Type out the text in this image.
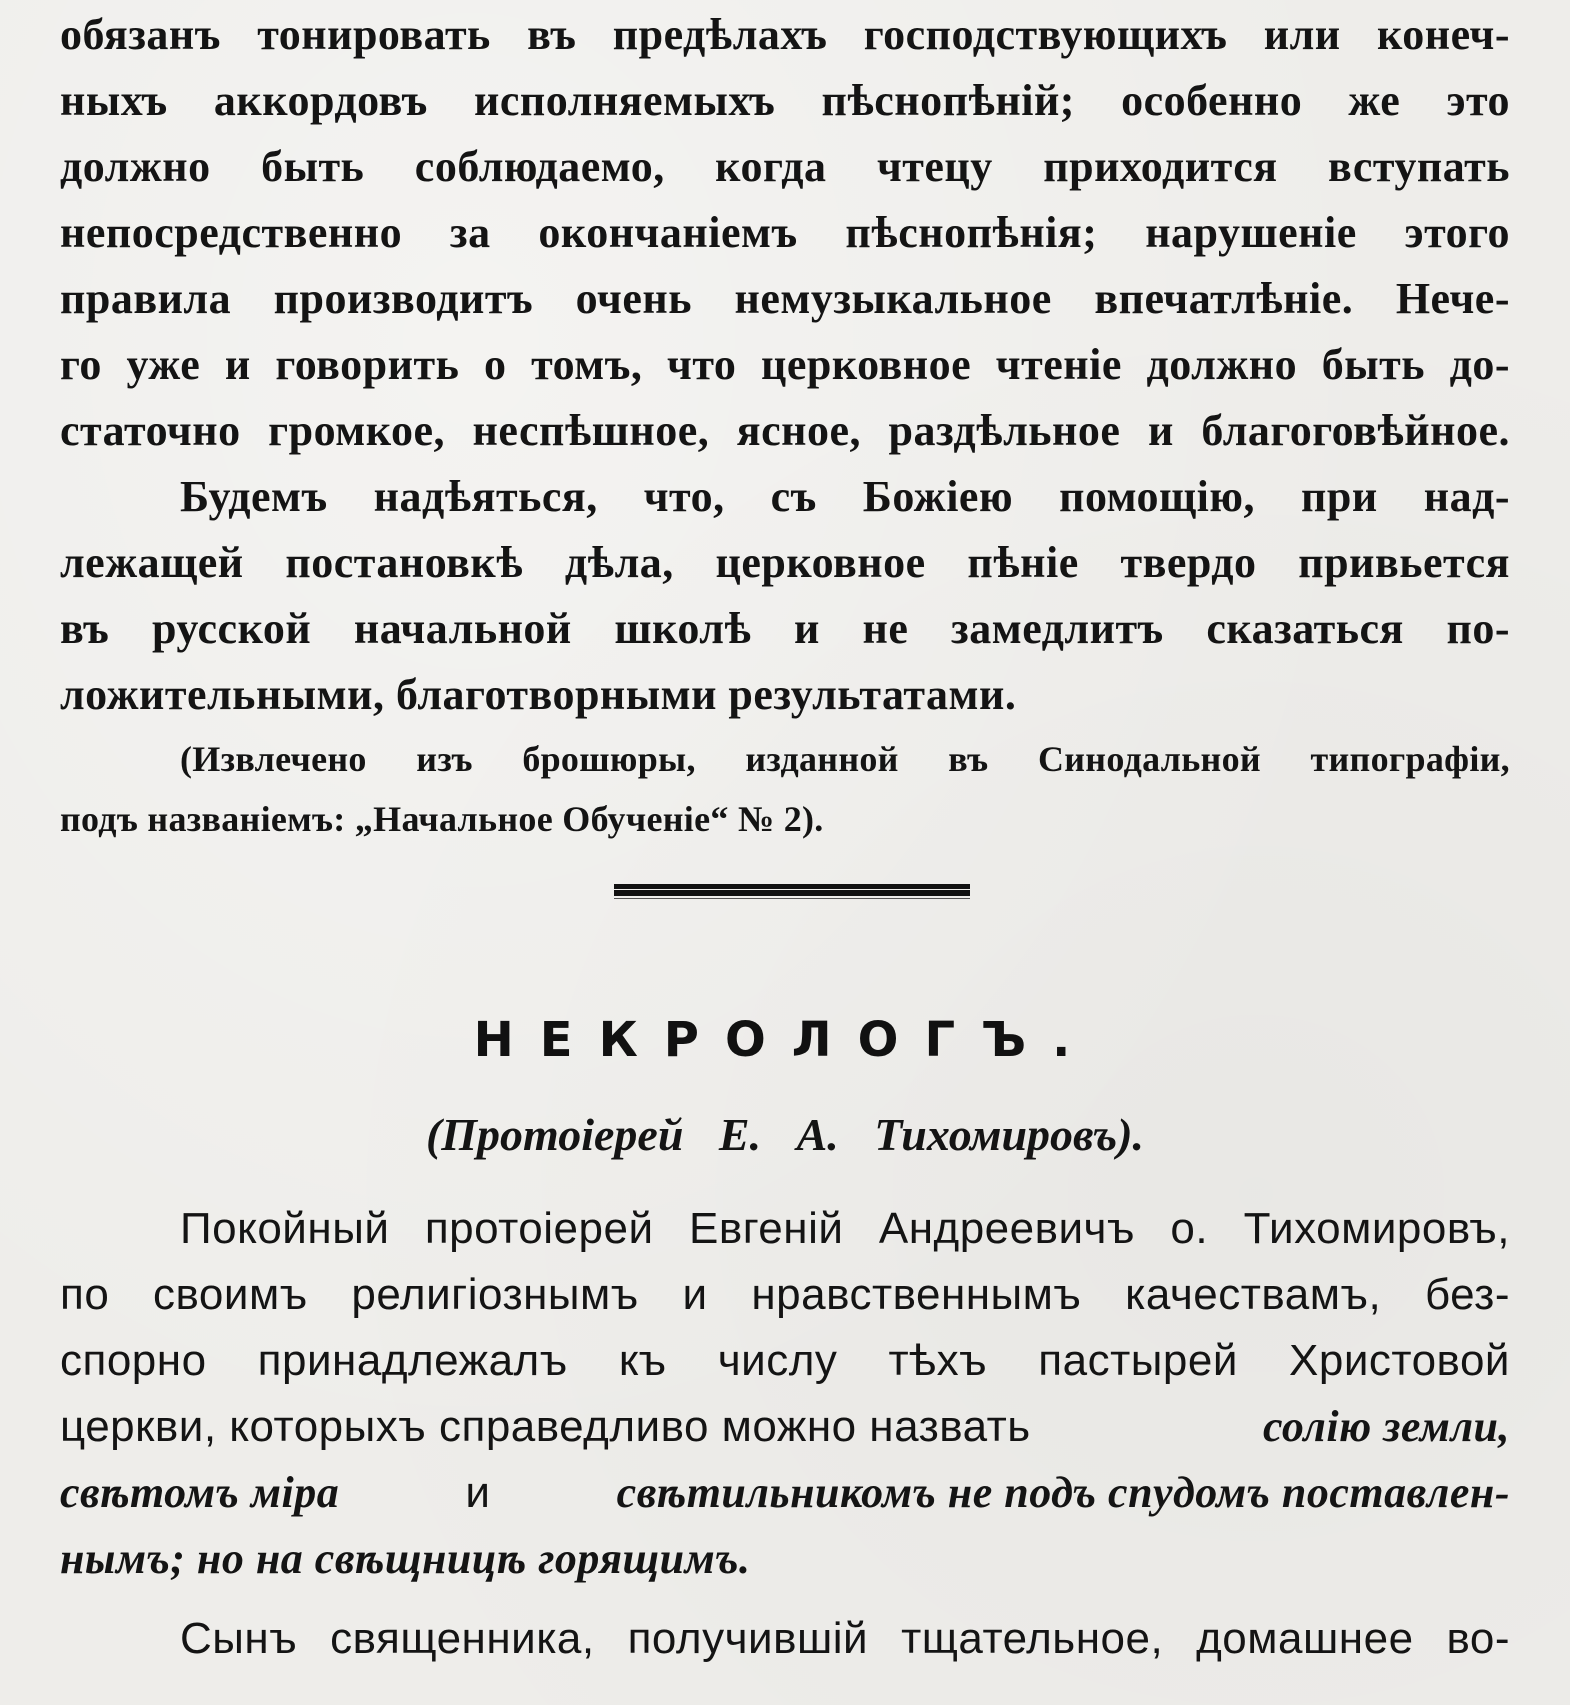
обязанъ тонировать въ предѣлахъ господствующихъ или конеч-
ныхъ аккордовъ исполняемыхъ пѣснопѣній; особенно же это
должно быть соблюдаемо, когда чтецу приходится вступать
непосредственно за окончаніемъ пѣснопѣнія; нарушеніе этого
правила производитъ очень немузыкальное впечатлѣніе. Нече-
го уже и говорить о томъ, что церковное чтеніе должно быть до-
статочно громкое, неспѣшное, ясное, раздѣльное и благоговѣйное.
Будемъ надѣяться, что, съ Божіею помощію, при над-
лежащей постановкѣ дѣла, церковное пѣніе твердо привьется
въ русской начальной школѣ и не замедлитъ сказаться по-
ложительными, благотворными результатами.
(Извлечено изъ брошюры, изданной въ Синодальной типографіи,
подъ названіемъ: „Начальное Обученіе“ № 2).
НЕКРОЛОГЪ.
(Протоіерей Е. А. Тихомировъ).
Покойный протоіерей Евгеній Андреевичъ о. Тихомировъ,
по своимъ религіознымъ и нравственнымъ качествамъ, без-
спорно принадлежалъ къ числу тѣхъ пастырей Христовой
церкви, которыхъ справедливо можно назвать	солію земли,
свѣтомъ міра	и	свѣтильникомъ не подъ спудомъ поставлен-
нымъ; но на свѣщницѣ горящимъ.
Сынъ священника, получившій тщательное, домашнее во-
